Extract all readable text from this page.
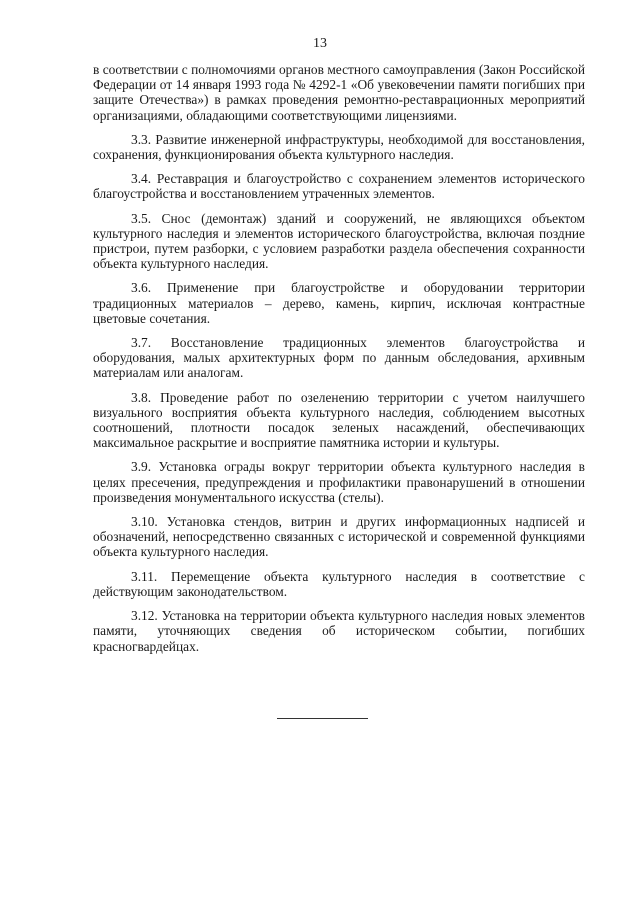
13

в соответствии с полномочиями органов местного самоуправления (Закон Российской Федерации от 14 января 1993 года № 4292-1 «Об увековечении памяти погибших при защите Отечества») в рамках проведения ремонтно-реставрационных мероприятий организациями, обладающими соответствующими лицензиями.

3.3. Развитие инженерной инфраструктуры, необходимой для восстановления, сохранения, функционирования объекта культурного наследия.

3.4. Реставрация и благоустройство с сохранением элементов исторического благоустройства и восстановлением утраченных элементов.

3.5. Снос (демонтаж) зданий и сооружений, не являющихся объектом культурного наследия и элементов исторического благоустройства, включая поздние пристрои, путем разборки, с условием разработки раздела обеспечения сохранности объекта культурного наследия.

3.6. Применение при благоустройстве и оборудовании территории традиционных материалов – дерево, камень, кирпич, исключая контрастные цветовые сочетания.

3.7. Восстановление традиционных элементов благоустройства и оборудования, малых архитектурных форм по данным обследования, архивным материалам или аналогам.

3.8. Проведение работ по озеленению территории с учетом наилучшего визуального восприятия объекта культурного наследия, соблюдением высотных соотношений, плотности посадок зеленых насаждений, обеспечивающих максимальное раскрытие и восприятие памятника истории и культуры.

3.9. Установка ограды вокруг территории объекта культурного наследия в целях пресечения, предупреждения и профилактики правонарушений в отношении произведения монументального искусства (стелы).

3.10. Установка стендов, витрин и других информационных надписей и обозначений, непосредственно связанных с исторической и современной функциями объекта культурного наследия.

3.11. Перемещение объекта культурного наследия в соответствие с действующим законодательством.

3.12. Установка на территории объекта культурного наследия новых элементов памяти, уточняющих сведения об историческом событии, погибших красногвардейцах.
